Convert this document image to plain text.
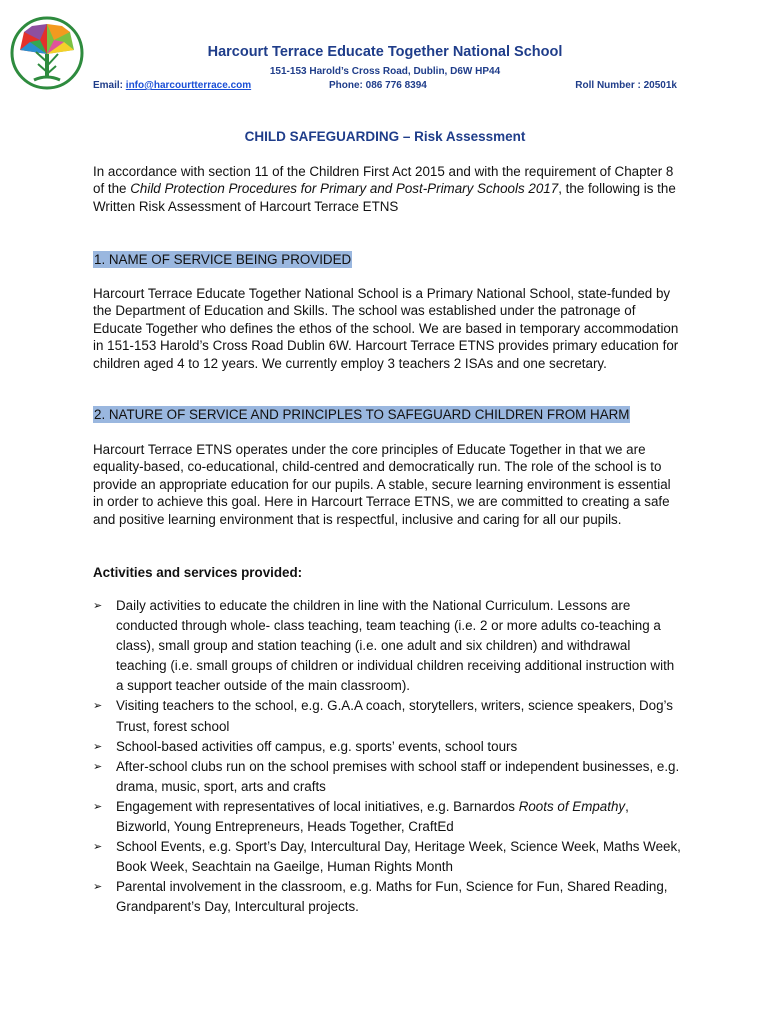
Harcourt Terrace Educate Together National School
151-153 Harold’s Cross Road, Dublin, D6W HP44
Email: info@harcourtterrace.com	Phone: 086 776 8394	Roll Number : 20501k
CHILD SAFEGUARDING – Risk Assessment
In accordance with section 11 of the Children First Act 2015 and with the requirement of Chapter 8 of the Child Protection Procedures for Primary and Post-Primary Schools 2017, the following is the Written Risk Assessment of Harcourt Terrace ETNS
1. NAME OF SERVICE BEING PROVIDED
Harcourt Terrace Educate Together National School is a Primary National School, state-funded by the Department of Education and Skills. The school was established under the patronage of Educate Together who defines the ethos of the school. We are based in temporary accommodation in 151-153 Harold’s Cross Road Dublin 6W. Harcourt Terrace ETNS provides primary education for children aged 4 to 12 years. We currently employ 3 teachers 2 ISAs and one secretary.
2. NATURE OF SERVICE AND PRINCIPLES TO SAFEGUARD CHILDREN FROM HARM
Harcourt Terrace ETNS operates under the core principles of Educate Together in that we are equality-based, co-educational, child-centred and democratically run. The role of the school is to provide an appropriate education for our pupils. A stable, secure learning environment is essential in order to achieve this goal. Here in Harcourt Terrace ETNS, we are committed to creating a safe and positive learning environment that is respectful, inclusive and caring for all our pupils.
Activities and services provided:
➢ Daily activities to educate the children in line with the National Curriculum. Lessons are conducted through whole- class teaching, team teaching (i.e. 2 or more adults co-teaching a class), small group and station teaching (i.e. one adult and six children) and withdrawal teaching (i.e. small groups of children or individual children receiving additional instruction with a support teacher outside of the main classroom).
➢ Visiting teachers to the school, e.g. G.A.A coach, storytellers, writers, science speakers, Dog’s Trust, forest school
➢ School-based activities off campus, e.g. sports’ events, school tours
➢ After-school clubs run on the school premises with school staff or independent businesses, e.g. drama, music, sport, arts and crafts
➢ Engagement with representatives of local initiatives, e.g. Barnardos Roots of Empathy, Bizworld, Young Entrepreneurs, Heads Together, CraftEd
➢ School Events, e.g. Sport’s Day, Intercultural Day, Heritage Week, Science Week, Maths Week, Book Week, Seachtain na Gaeilge, Human Rights Month
➢ Parental involvement in the classroom, e.g. Maths for Fun, Science for Fun, Shared Reading, Grandparent’s Day, Intercultural projects.
